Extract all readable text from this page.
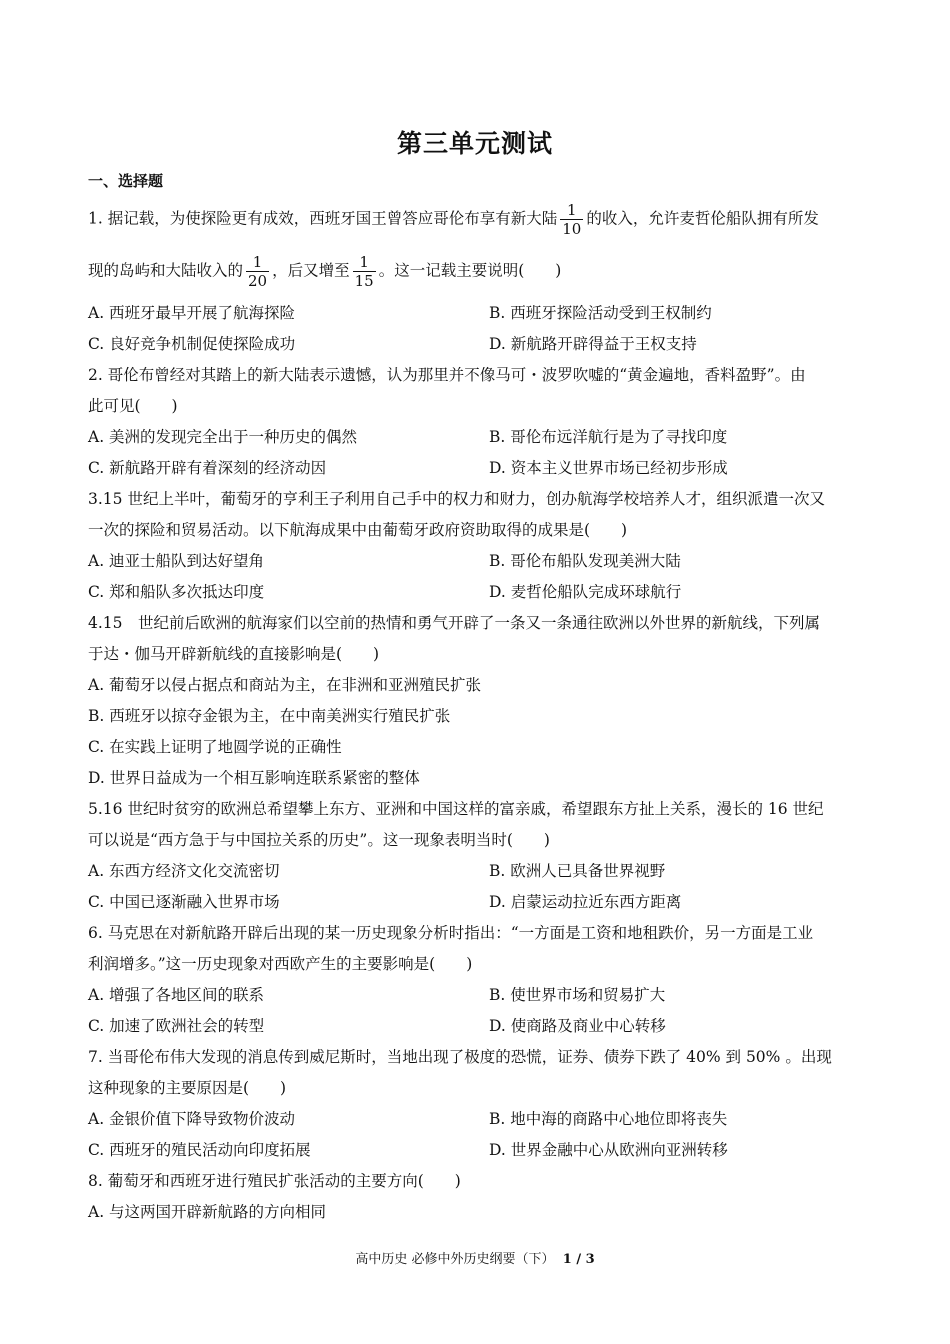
第三单元测试
一、选择题
1. 据记载，为使探险更有成效，西班牙国王曾答应哥伦布享有新大陆 $\frac{1}{10}$ 的收入，允许麦哲伦船队拥有所发
现的岛屿和大陆收入的 $\frac{1}{20}$ ，后又增至 $\frac{1}{15}$ 。这一记载主要说明(　　)
A. 西班牙最早开展了航海探险	B. 西班牙探险活动受到王权制约
C. 良好竞争机制促使探险成功	D. 新航路开辟得益于王权支持
2. 哥伦布曾经对其踏上的新大陆表示遗憾，认为那里并不像马可・波罗吹嘘的“黄金遍地，香料盈野”。由
此可见(　　)
A. 美洲的发现完全出于一种历史的偶然	B. 哥伦布远洋航行是为了寻找印度
C. 新航路开辟有着深刻的经济动因	D. 资本主义世界市场已经初步形成
3.15 世纪上半叶，葡萄牙的亨利王子利用自己手中的权力和财力，创办航海学校培养人才，组织派遣一次又
一次的探险和贸易活动。以下航海成果中由葡萄牙政府资助取得的成果是(　　)
A. 迪亚士船队到达好望角	B. 哥伦布船队发现美洲大陆
C. 郑和船队多次抵达印度	D. 麦哲伦船队完成环球航行
4.15　世纪前后欧洲的航海家们以空前的热情和勇气开辟了一条又一条通往欧洲以外世界的新航线，下列属
于达・伽马开辟新航线的直接影响是(　　)
A. 葡萄牙以侵占据点和商站为主，在非洲和亚洲殖民扩张
B. 西班牙以掠夺金银为主，在中南美洲实行殖民扩张
C. 在实践上证明了地圆学说的正确性
D. 世界日益成为一个相互影响连联系紧密的整体
5.16 世纪时贫穷的欧洲总希望攀上东方、亚洲和中国这样的富亲戚，希望跟东方扯上关系，漫长的 16 世纪
可以说是“西方急于与中国拉关系的历史”。这一现象表明当时(　　)
A. 东西方经济文化交流密切	B. 欧洲人已具备世界视野
C. 中国已逐渐融入世界市场	D. 启蒙运动拉近东西方距离
6. 马克思在对新航路开辟后出现的某一历史现象分析时指出：“一方面是工资和地租跌价，另一方面是工业
利润增多。”这一历史现象对西欧产生的主要影响是(　　)
A. 增强了各地区间的联系	B. 使世界市场和贸易扩大
C. 加速了欧洲社会的转型	D. 使商路及商业中心转移
7. 当哥伦布伟大发现的消息传到威尼斯时，当地出现了极度的恐慌，证券、债券下跌了 40% 到 50% 。出现
这种现象的主要原因是(　　)
A. 金银价值下降导致物价波动	B. 地中海的商路中心地位即将丧失
C. 西班牙的殖民活动向印度拓展	D. 世界金融中心从欧洲向亚洲转移
8. 葡萄牙和西班牙进行殖民扩张活动的主要方向(　　)
A. 与这两国开辟新航路的方向相同
高中历史 必修中外历史纲要（下） 1 / 3
